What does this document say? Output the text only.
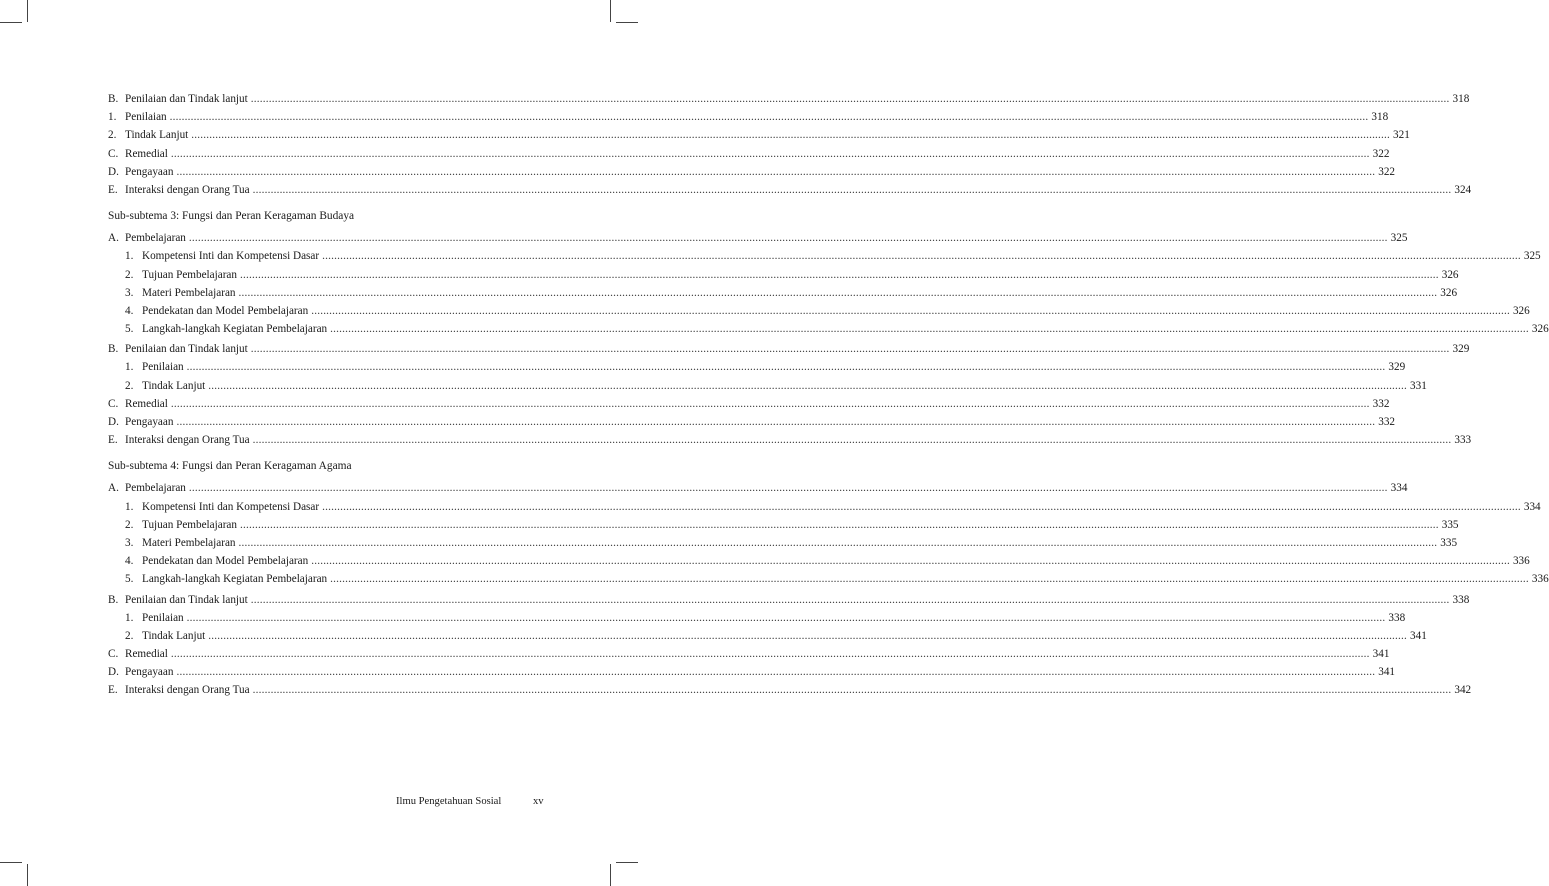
B. Penilaian dan Tindak lanjut ................................................................................................................................................................................................................................................................................................................................................................................................................ 318
1. Penilaian ................................................................................................................................................................................................................................................................................................................................................................................................................ 318
2. Tindak Lanjut ................................................................................................................................................................................................................................................................................................................................................................................................................ 321
C. Remedial ................................................................................................................................................................................................................................................................................................................................................................................................................ 322
D. Pengayaan ................................................................................................................................................................................................................................................................................................................................................................................................................ 322
E. Interaksi dengan Orang Tua ................................................................................................................................................................................................................................................................................................................................................................................................................ 324
Sub-subtema 3: Fungsi dan Peran Keragaman Budaya
A. Pembelajaran ................................................................................................................................................................................................................................................................................................................................................................................................................ 325
1. Kompetensi Inti dan Kompetensi Dasar ................................................................................................................................................................................................................................................................................................................................................................................................................ 325
2. Tujuan Pembelajaran ................................................................................................................................................................................................................................................................................................................................................................................................................ 326
3. Materi Pembelajaran ................................................................................................................................................................................................................................................................................................................................................................................................................ 326
4. Pendekatan dan Model Pembelajaran ................................................................................................................................................................................................................................................................................................................................................................................................................ 326
5. Langkah-langkah Kegiatan Pembelajaran ................................................................................................................................................................................................................................................................................................................................................................................................................ 326
B. Penilaian dan Tindak lanjut ................................................................................................................................................................................................................................................................................................................................................................................................................ 329
1. Penilaian ................................................................................................................................................................................................................................................................................................................................................................................................................ 329
2. Tindak Lanjut ................................................................................................................................................................................................................................................................................................................................................................................................................ 331
C. Remedial ................................................................................................................................................................................................................................................................................................................................................................................................................ 332
D. Pengayaan ................................................................................................................................................................................................................................................................................................................................................................................................................ 332
E. Interaksi dengan Orang Tua ................................................................................................................................................................................................................................................................................................................................................................................................................ 333
Sub-subtema 4: Fungsi dan Peran Keragaman Agama
A. Pembelajaran ................................................................................................................................................................................................................................................................................................................................................................................................................ 334
1. Kompetensi Inti dan Kompetensi Dasar ................................................................................................................................................................................................................................................................................................................................................................................................................ 334
2. Tujuan Pembelajaran ................................................................................................................................................................................................................................................................................................................................................................................................................ 335
3. Materi Pembelajaran ................................................................................................................................................................................................................................................................................................................................................................................................................ 335
4. Pendekatan dan Model Pembelajaran ................................................................................................................................................................................................................................................................................................................................................................................................................ 336
5. Langkah-langkah Kegiatan Pembelajaran ................................................................................................................................................................................................................................................................................................................................................................................................................ 336
B. Penilaian dan Tindak lanjut ................................................................................................................................................................................................................................................................................................................................................................................................................ 338
1. Penilaian ................................................................................................................................................................................................................................................................................................................................................................................................................ 338
2. Tindak Lanjut ................................................................................................................................................................................................................................................................................................................................................................................................................ 341
C. Remedial ................................................................................................................................................................................................................................................................................................................................................................................................................ 341
D. Pengayaan ................................................................................................................................................................................................................................................................................................................................................................................................................ 341
E. Interaksi dengan Orang Tua ................................................................................................................................................................................................................................................................................................................................................................................................................ 342
Ilmu Pengetahuan Sosial	xv
